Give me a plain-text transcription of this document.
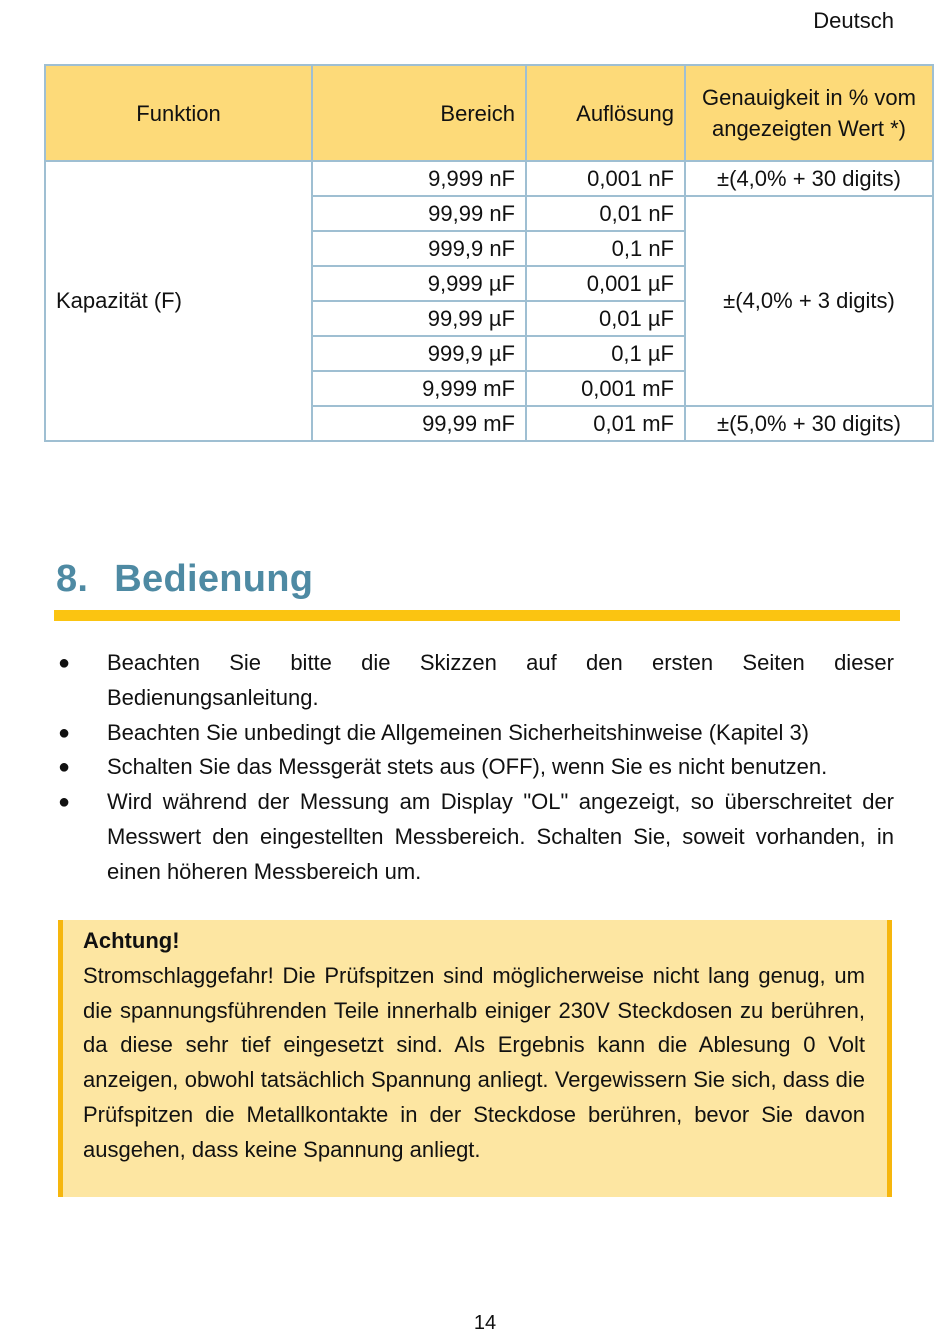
Deutsch
Funktion	Bereich	Auflösung	Genauigkeit in % vom angezeigten Wert *)
Kapazität (F)	9,999 nF	0,001 nF	±(4,0% + 30 digits)
	99,99 nF	0,01 nF	±(4,0% + 3 digits)
	999,9 nF	0,1 nF	
	9,999 µF	0,001 µF	
	99,99 µF	0,01 µF	
	999,9 µF	0,1 µF	
	9,999 mF	0,001 mF	
	99,99 mF	0,01 mF	±(5,0% + 30 digits)
8. Bedienung
● Beachten Sie bitte die Skizzen auf den ersten Seiten dieser Bedienungsanleitung.
● Beachten Sie unbedingt die Allgemeinen Sicherheitshinweise (Kapitel 3)
● Schalten Sie das Messgerät stets aus (OFF), wenn Sie es nicht benutzen.
● Wird während der Messung am Display "OL" angezeigt, so überschreitet der Messwert den eingestellten Messbereich. Schalten Sie, soweit vorhanden, in einen höheren Messbereich um.
Achtung!
Stromschlaggefahr! Die Prüfspitzen sind möglicherweise nicht lang genug, um die spannungsführenden Teile innerhalb einiger 230V Steckdosen zu berühren, da diese sehr tief eingesetzt sind. Als Ergebnis kann die Ablesung 0 Volt anzeigen, obwohl tatsächlich Spannung anliegt. Vergewissern Sie sich, dass die Prüfspitzen die Metallkontakte in der Steckdose berühren, bevor Sie davon ausgehen, dass keine Spannung anliegt.
14
